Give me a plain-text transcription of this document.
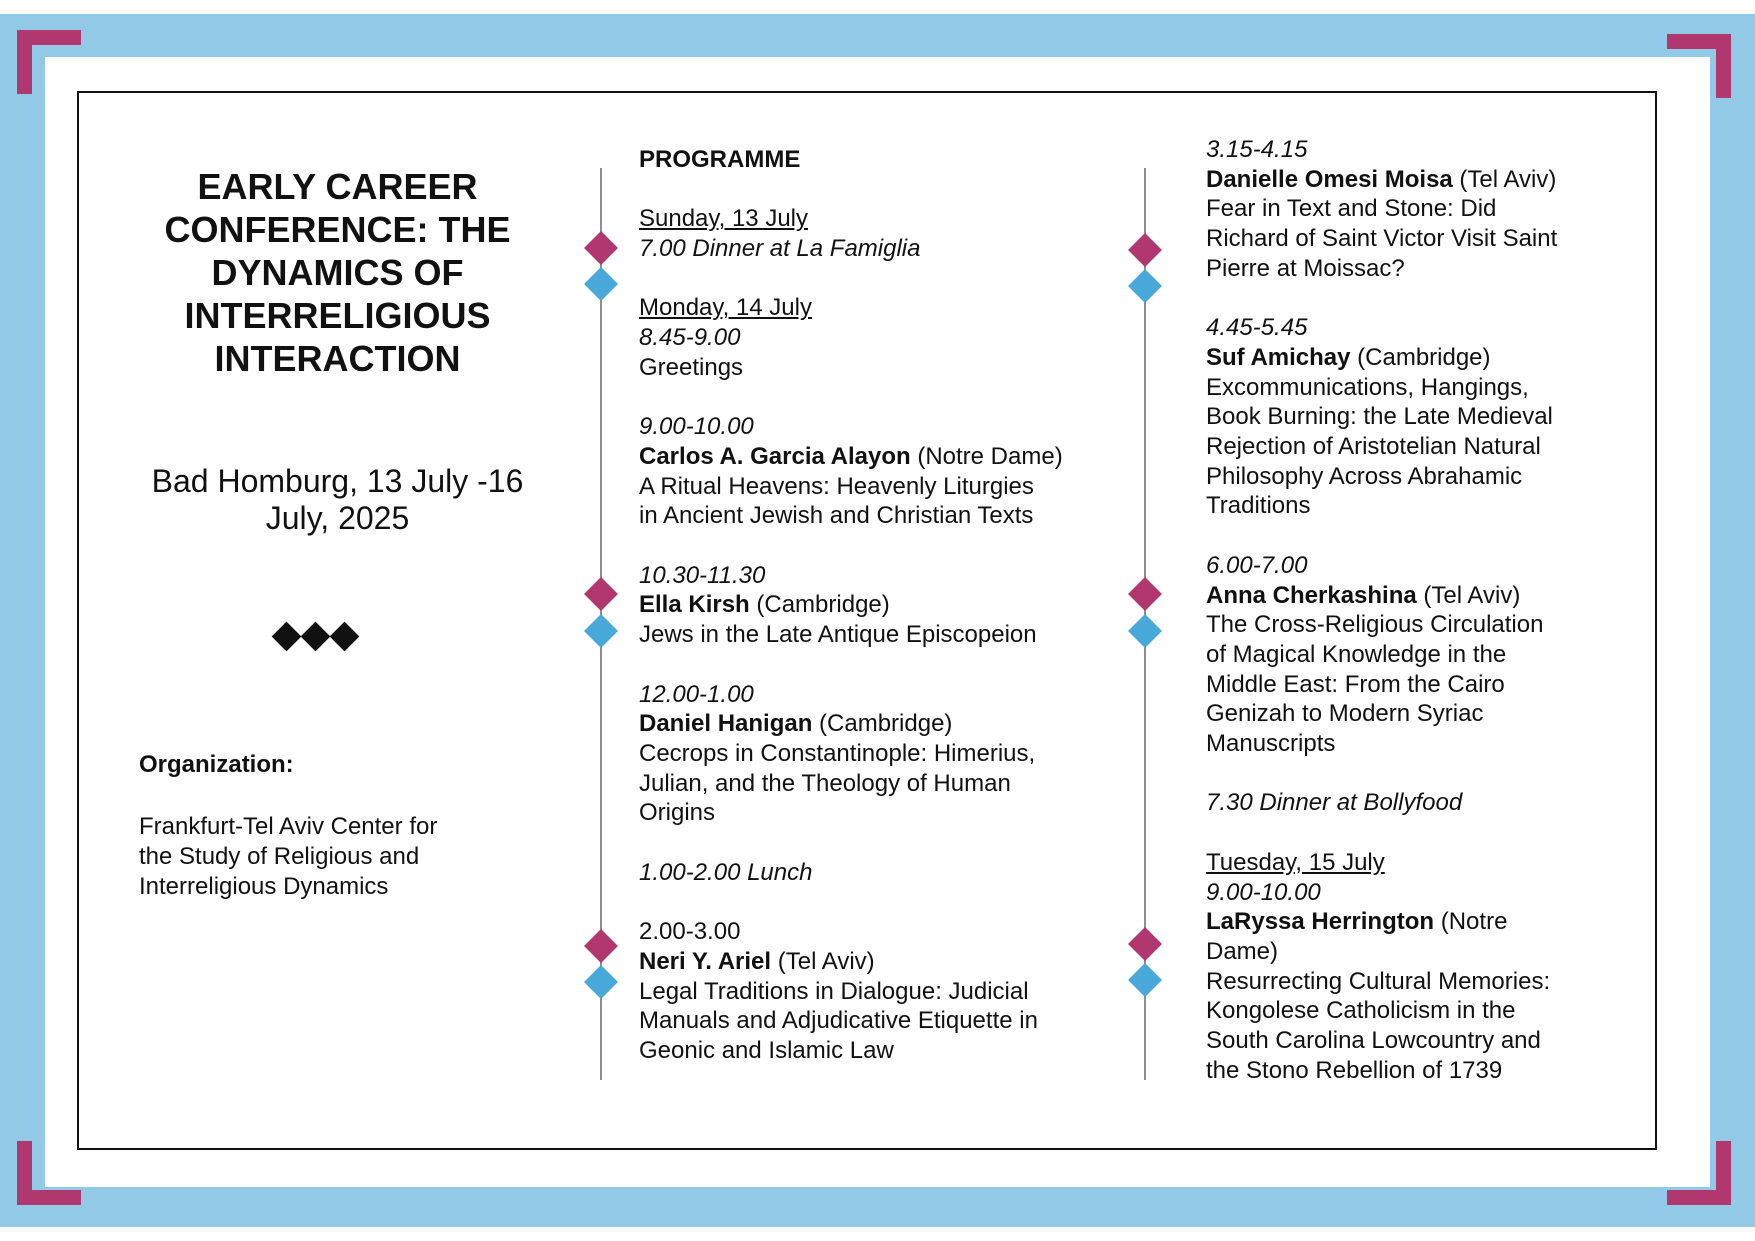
EARLY CAREER
CONFERENCE: THE
DYNAMICS OF
INTERRELIGIOUS
INTERACTION
Bad Homburg, 13 July -16
July, 2025
Organization:
Frankfurt-Tel Aviv Center for
the Study of Religious and
Interreligious Dynamics
PROGRAMME
Sunday, 13 July
7.00 Dinner at La Famiglia
Monday, 14 July
8.45-9.00
Greetings
9.00-10.00
Carlos A. Garcia Alayon (Notre Dame)
A Ritual Heavens: Heavenly Liturgies
in Ancient Jewish and Christian Texts
10.30-11.30
Ella Kirsh (Cambridge)
Jews in the Late Antique Episcopeion
12.00-1.00
Daniel Hanigan (Cambridge)
Cecrops in Constantinople: Himerius,
Julian, and the Theology of Human
Origins
1.00-2.00 Lunch
2.00-3.00
Neri Y. Ariel (Tel Aviv)
Legal Traditions in Dialogue: Judicial
Manuals and Adjudicative Etiquette in
Geonic and Islamic Law
3.15-4.15
Danielle Omesi Moisa (Tel Aviv)
Fear in Text and Stone: Did
Richard of Saint Victor Visit Saint
Pierre at Moissac?
4.45-5.45
Suf Amichay (Cambridge)
Excommunications, Hangings,
Book Burning: the Late Medieval
Rejection of Aristotelian Natural
Philosophy Across Abrahamic
Traditions
6.00-7.00
Anna Cherkashina (Tel Aviv)
The Cross-Religious Circulation
of Magical Knowledge in the
Middle East: From the Cairo
Genizah to Modern Syriac
Manuscripts
7.30 Dinner at Bollyfood
Tuesday, 15 July
9.00-10.00
LaRyssa Herrington (Notre
Dame)
Resurrecting Cultural Memories:
Kongolese Catholicism in the
South Carolina Lowcountry and
the Stono Rebellion of 1739
